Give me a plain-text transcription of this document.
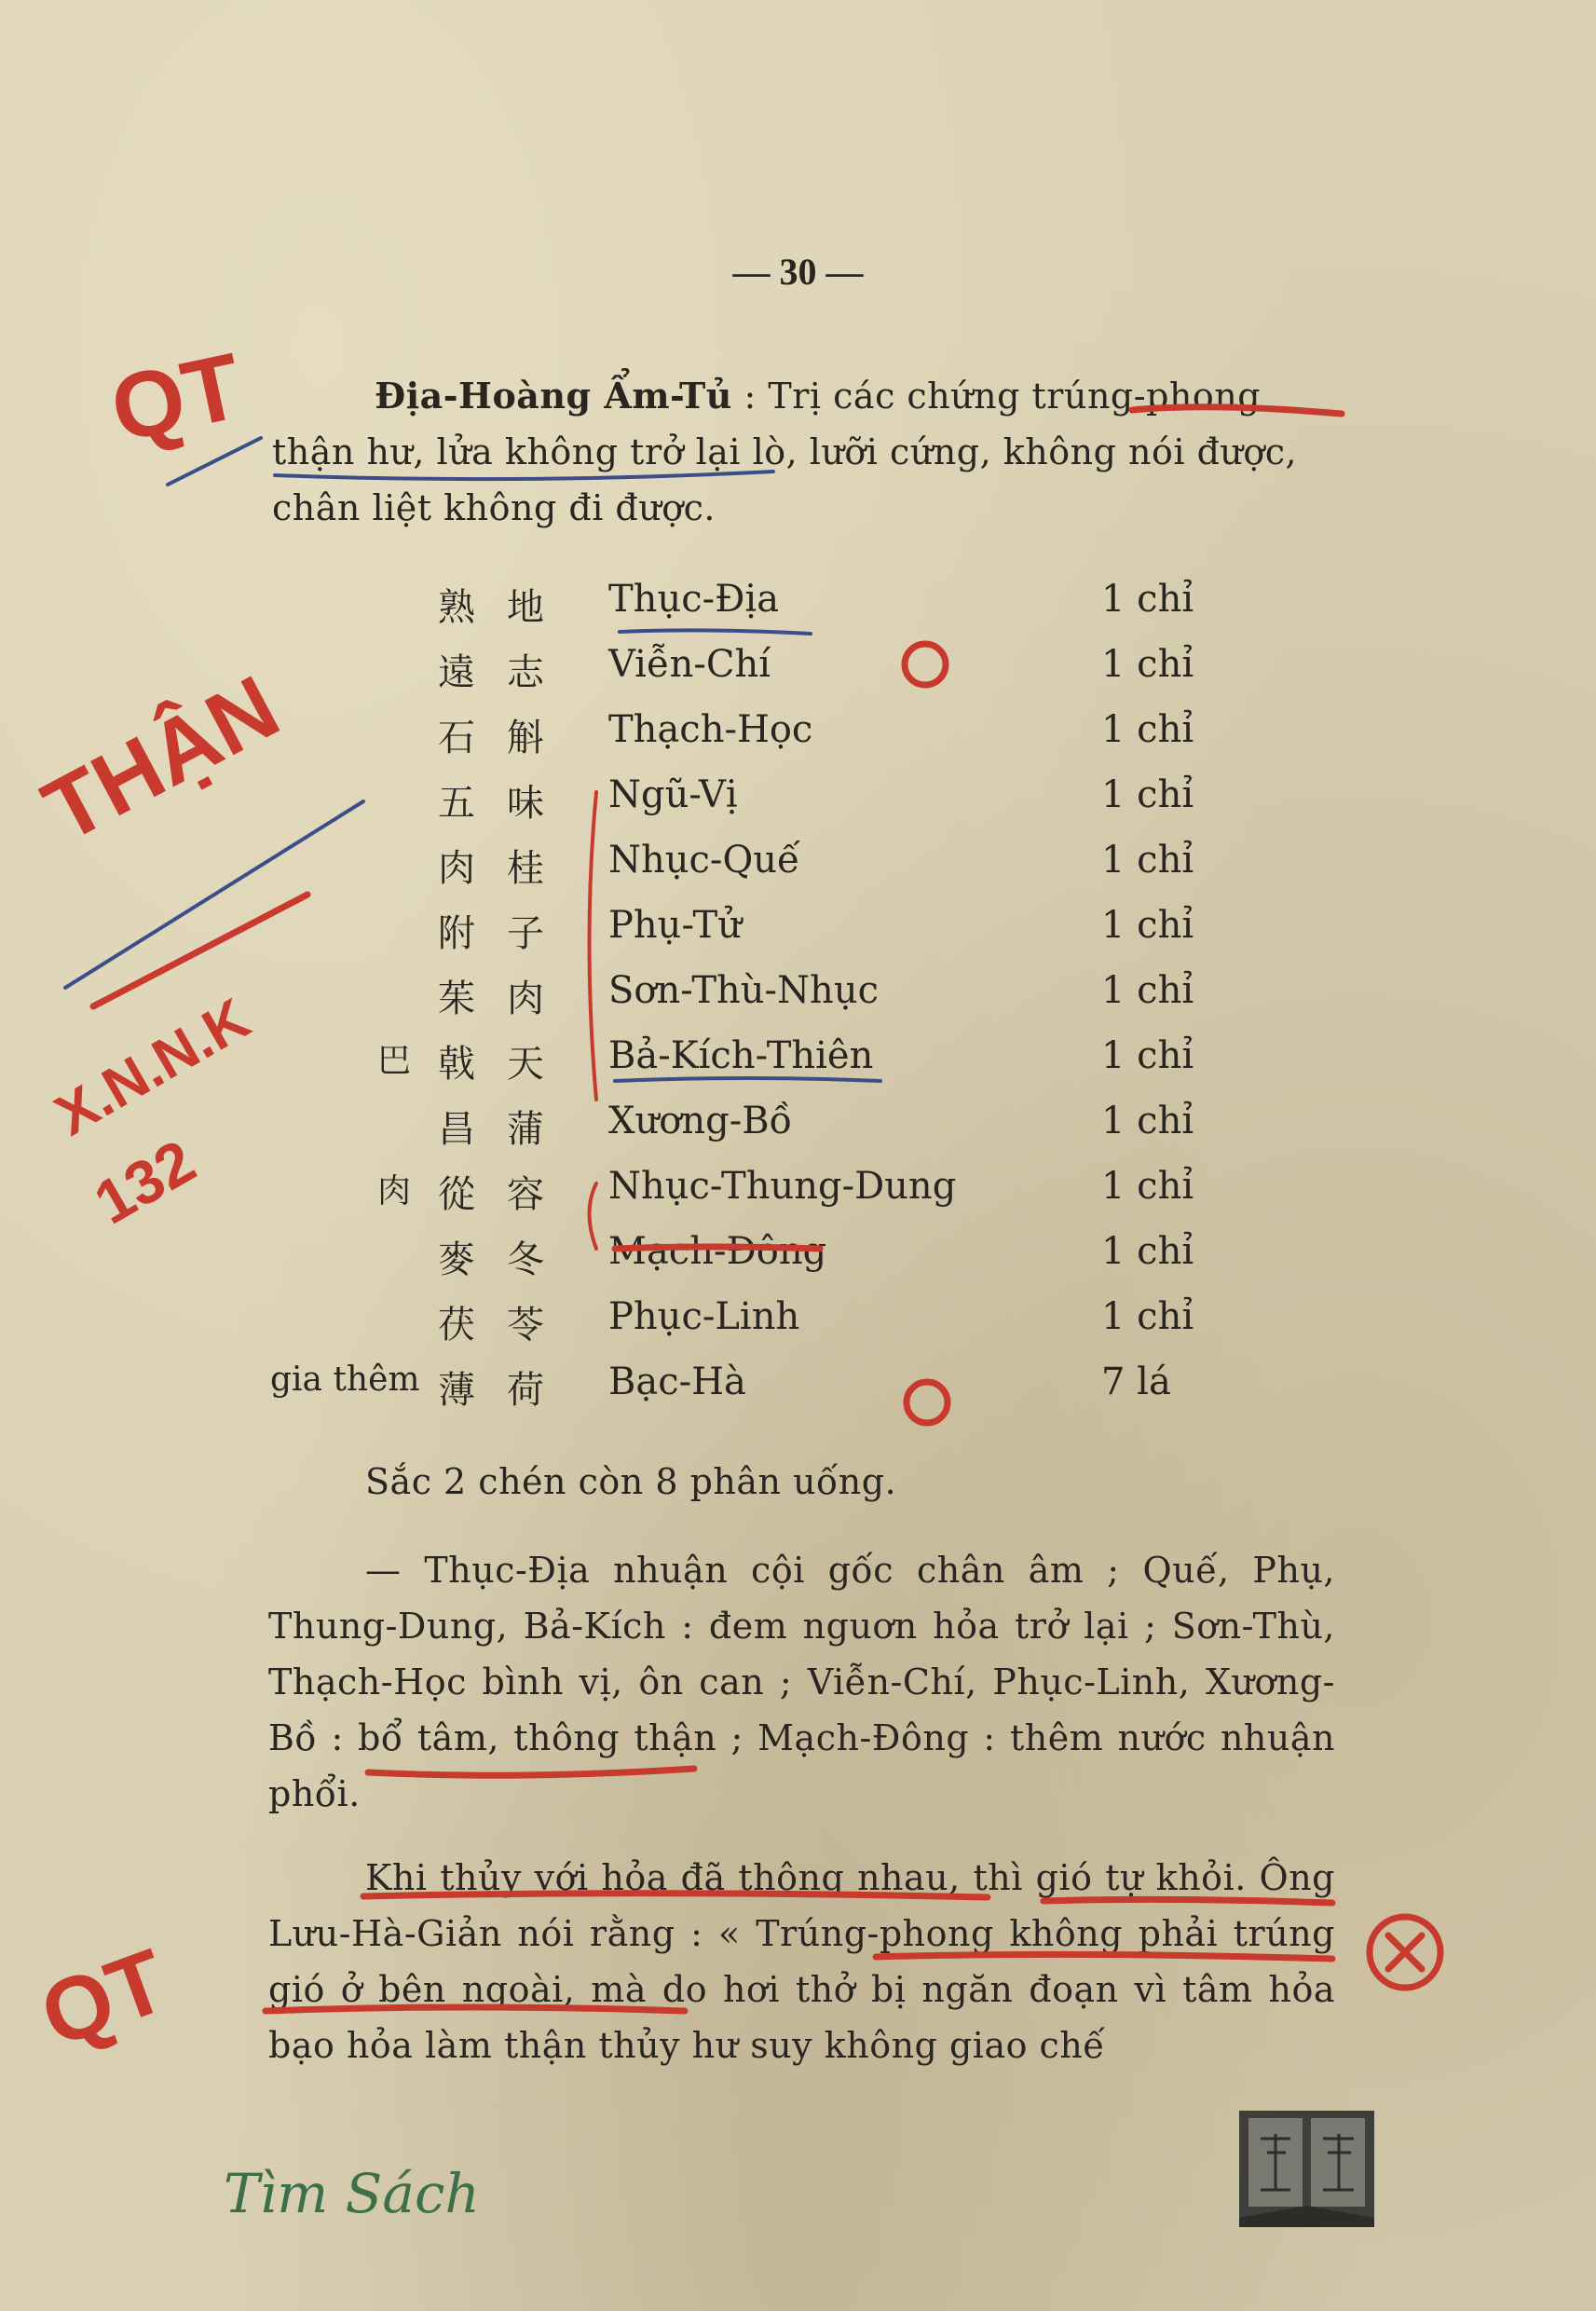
— 30 —
Địa-Hoàng Ẩm-Tủ : Trị các chứng trúng-phong thận hư, lửa không trở lại lò, lưỡi cứng, không nói được, chân liệt không đi được.
熟地 Thục-Địa	1 chỉ
遠志 Viễn-Chí	1 chỉ
石斛 Thạch-Học	1 chỉ
五味 Ngũ-Vị	1 chỉ
肉桂 Nhục-Quế	1 chỉ
附子 Phụ-Tử	1 chỉ
茱肉 Sơn-Thù-Nhục	1 chỉ
巴 戟天 Bả-Kích-Thiên	1 chỉ
昌蒲 Xương-Bồ	1 chỉ
肉 從容 Nhục-Thung-Dung	1 chỉ
麥冬 Mạch-Đông	1 chỉ
茯苓 Phục-Linh	1 chỉ
gia thêm 薄荷 Bạc-Hà	7 lá
Sắc 2 chén còn 8 phân uống.
— Thục-Địa nhuận cội gốc chân âm ; Quế, Phụ, Thung-Dung, Bả-Kích : đem nguơn hỏa trở lại ; Sơn-Thù, Thạch-Học bình vị, ôn can ; Viễn-Chí, Phục-Linh, Xương-Bồ : bổ tâm, thông thận ; Mạch-Đông : thêm nước nhuận phổi.
Khi thủy với hỏa đã thông nhau, thì gió tự khỏi. Ông Lưu-Hà-Giản nói rằng : « Trúng-phong không phải trúng gió ở bên ngoài, mà do hơi thở bị ngăn đoạn vì tâm hỏa bạo hỏa làm thận thủy hư suy không giao chế
QT
THẬN
X.N.N.K
132
QT
Tìm Sách
